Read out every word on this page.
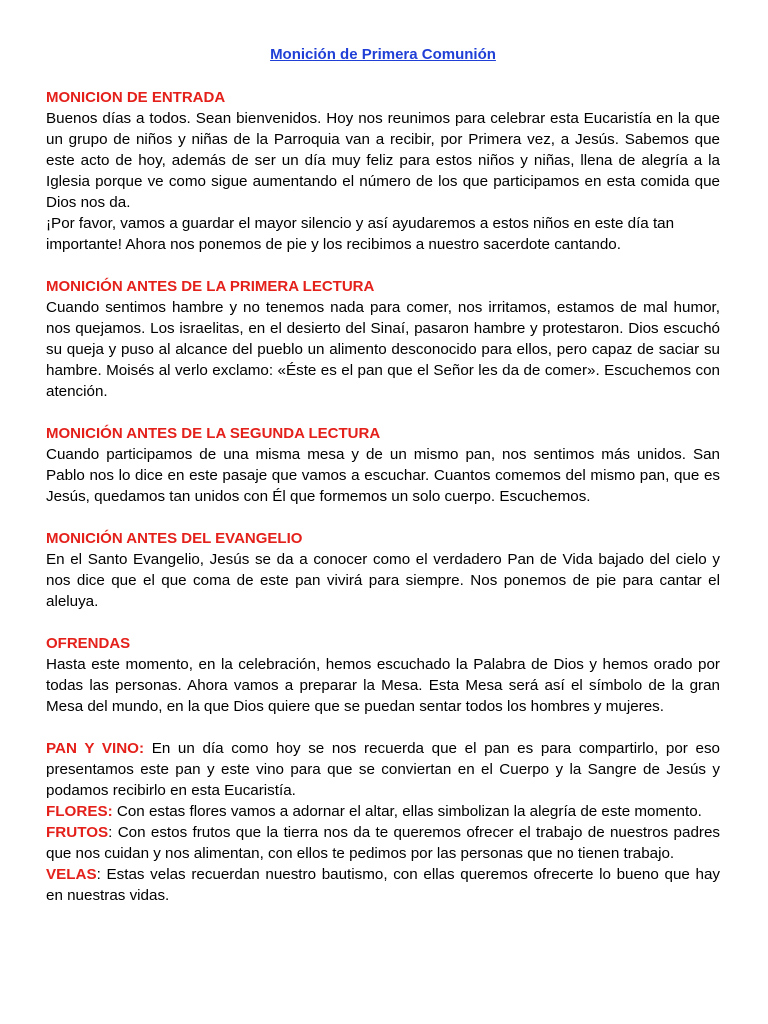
Monición de Primera Comunión

MONICION DE ENTRADA

Buenos días a todos. Sean bienvenidos. Hoy nos reunimos para celebrar esta Eucaristía en la que un grupo de niños y niñas de la Parroquia van a recibir, por Primera vez, a Jesús. Sabemos que este acto de hoy, además de ser un día muy feliz para estos niños y niñas, llena de alegría a la Iglesia porque ve como sigue aumentando el número de los que participamos en esta comida que Dios nos da.

¡Por favor, vamos a guardar el mayor silencio y así ayudaremos a estos niños en este día tan importante! Ahora nos ponemos de pie y los recibimos a nuestro sacerdote cantando.

MONICIÓN ANTES DE LA PRIMERA LECTURA

Cuando sentimos hambre y no tenemos nada para comer, nos irritamos, estamos de mal humor, nos quejamos. Los israelitas, en el desierto del Sinaí, pasaron hambre y protestaron. Dios escuchó su queja y puso al alcance del pueblo un alimento desconocido para ellos, pero capaz de saciar su hambre. Moisés al verlo exclamo: «Éste es el pan que el Señor les da de comer». Escuchemos con atención.

MONICIÓN ANTES DE LA SEGUNDA LECTURA

Cuando participamos de una misma mesa y de un mismo pan, nos sentimos más unidos. San Pablo nos lo dice en este pasaje que vamos a escuchar. Cuantos comemos del mismo pan, que es Jesús, quedamos tan unidos con Él que formemos un solo cuerpo. Escuchemos.

MONICIÓN ANTES DEL EVANGELIO

En el Santo Evangelio, Jesús se da a conocer como el verdadero Pan de Vida bajado del cielo y nos dice que el que coma de este pan vivirá para siempre. Nos ponemos de pie para cantar el aleluya.

OFRENDAS

Hasta este momento, en la celebración, hemos escuchado la Palabra de Dios y hemos orado por todas las personas. Ahora vamos a preparar la Mesa. Esta Mesa será así el símbolo de la gran Mesa del mundo, en la que Dios quiere que se puedan sentar todos los hombres y mujeres.

PAN Y VINO: En un día como hoy se nos recuerda que el pan es para compartirlo, por eso presentamos este pan y este vino para que se conviertan en el Cuerpo y la Sangre de Jesús y podamos recibirlo en esta Eucaristía.

FLORES: Con estas flores vamos a adornar el altar, ellas simbolizan la alegría de este momento.

FRUTOS: Con estos frutos que la tierra nos da te queremos ofrecer el trabajo de nuestros padres que nos cuidan y nos alimentan, con ellos te pedimos por las personas que no tienen trabajo.

VELAS: Estas velas recuerdan nuestro bautismo, con ellas queremos ofrecerte lo bueno que hay en nuestras vidas.
